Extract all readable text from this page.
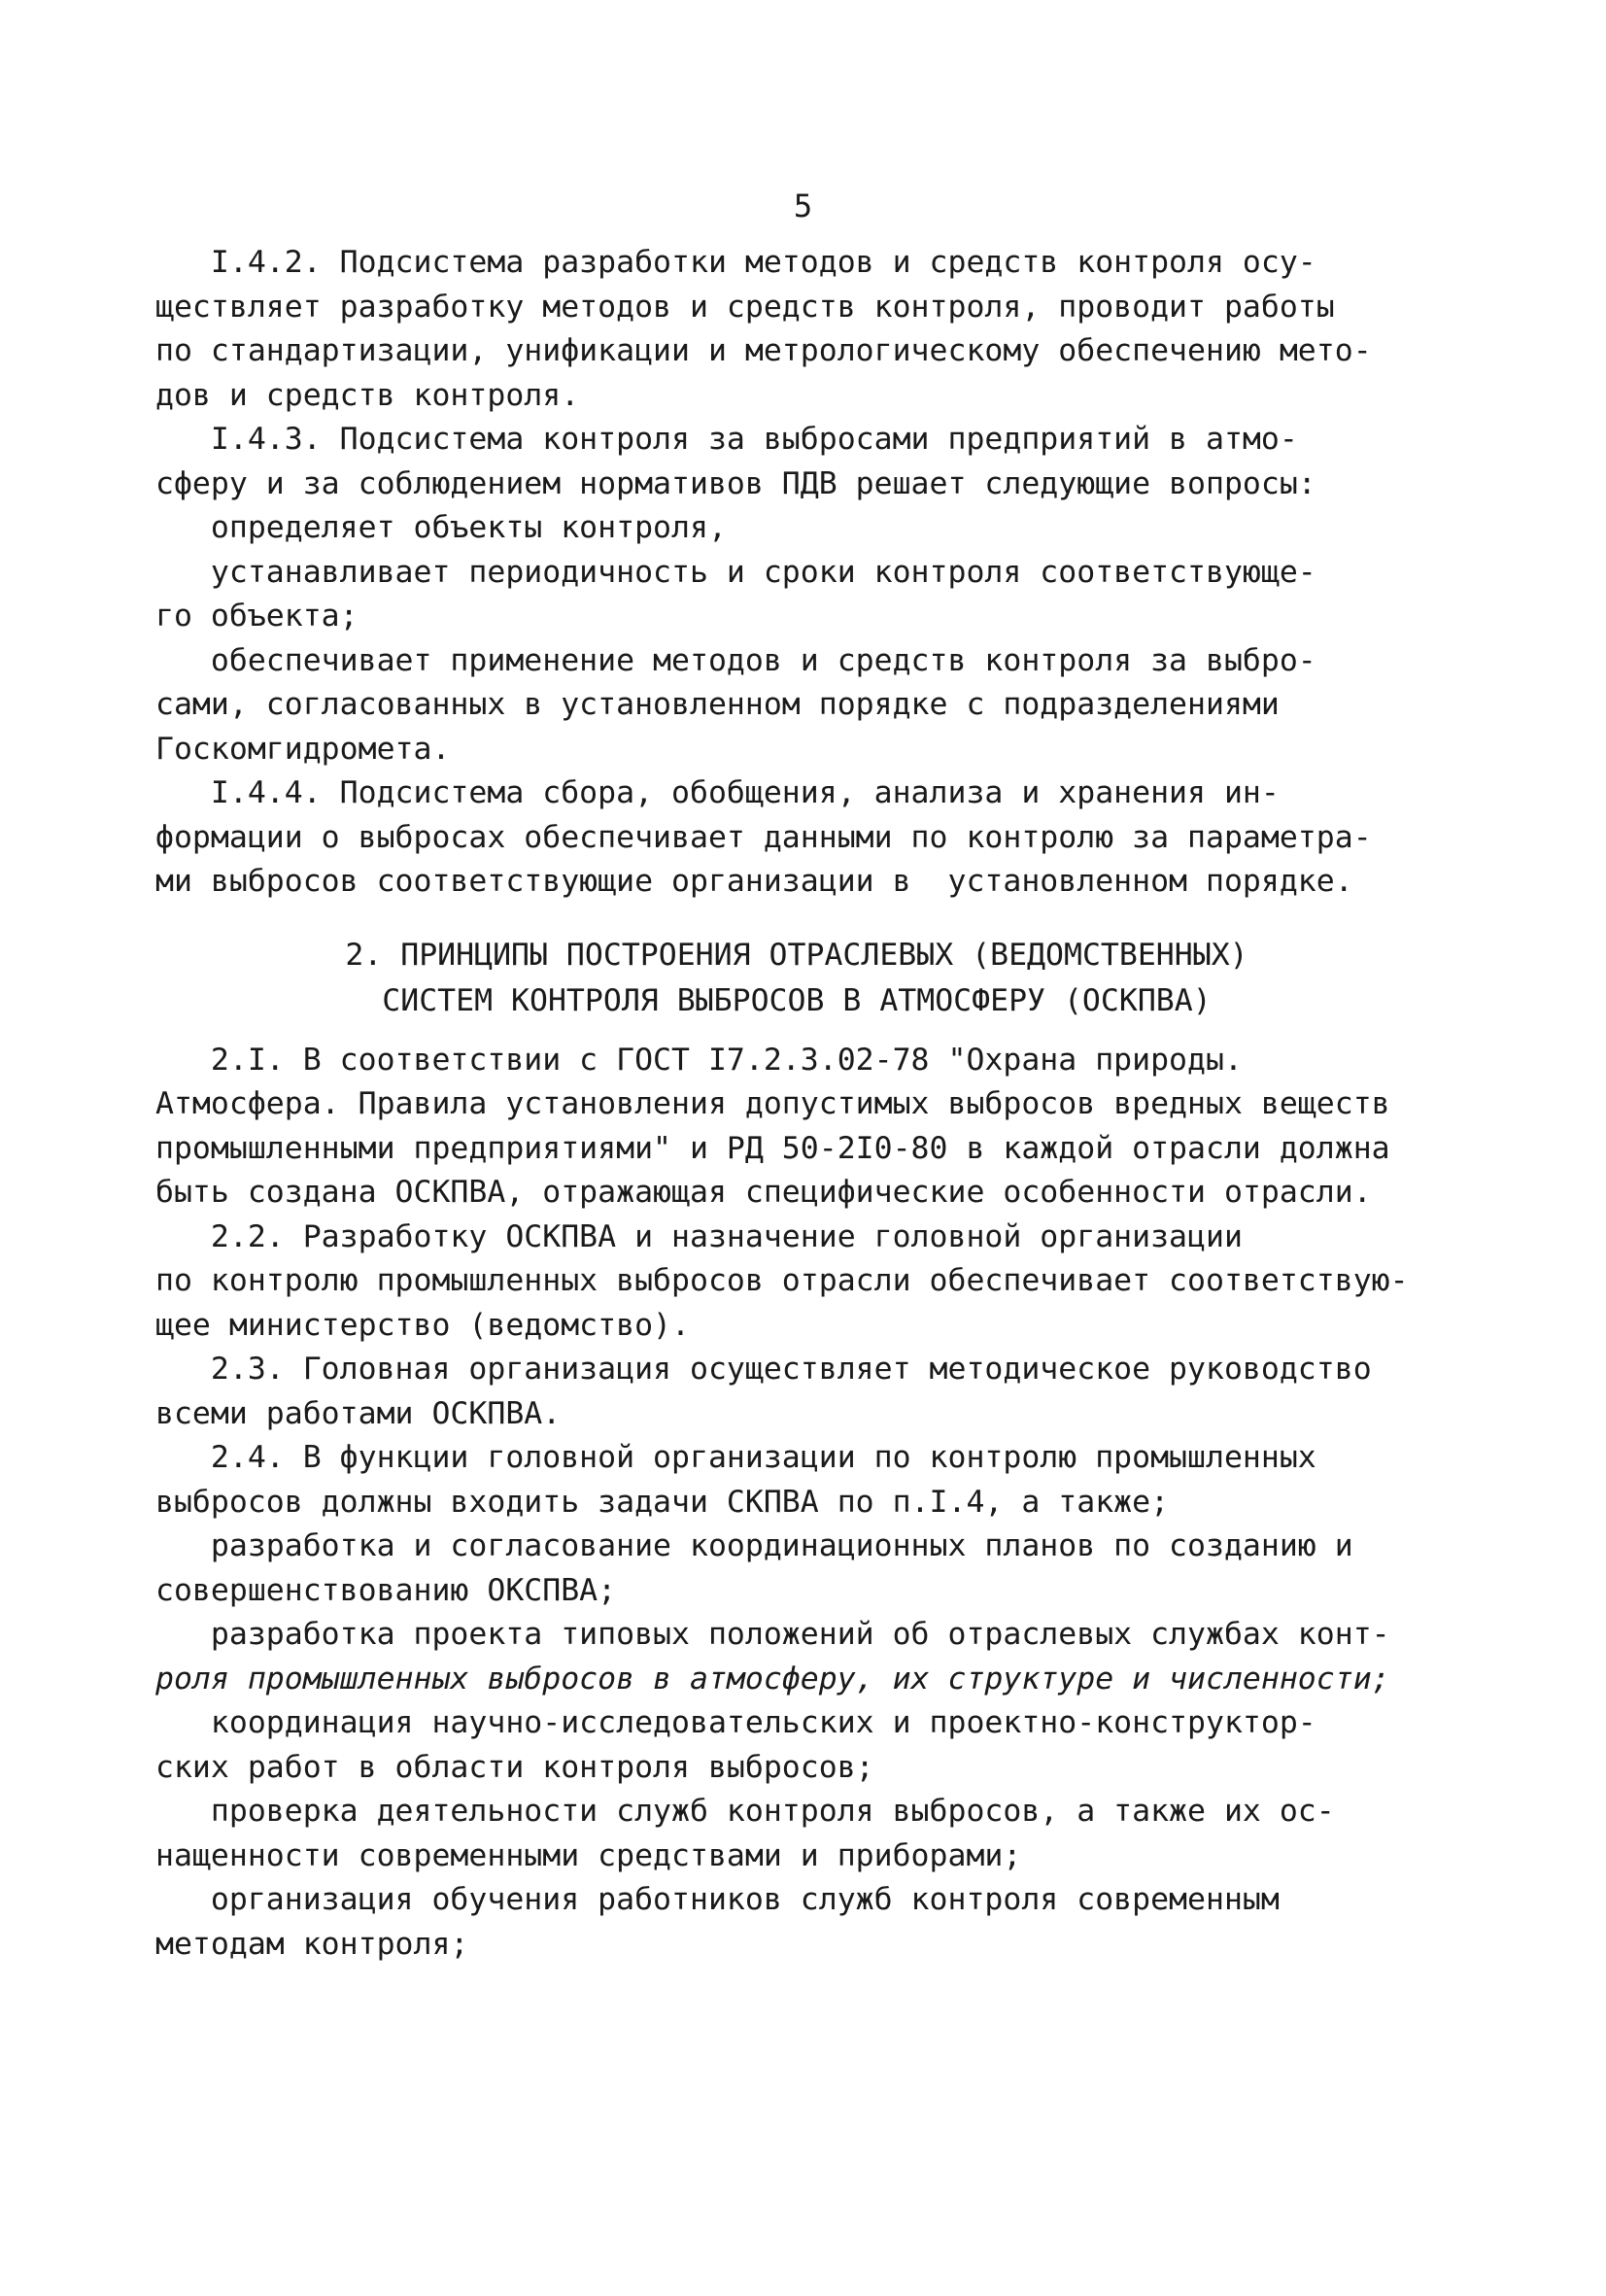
5
I.4.2. Подсистема разработки методов и средств контроля осу-
ществляет разработку методов и средств контроля, проводит работы
по стандартизации, унификации и метрологическому обеспечению мето-
дов и средств контроля.
I.4.3. Подсистема контроля за выбросами предприятий в атмо-
сферу и за соблюдением нормативов ПДВ решает следующие вопросы:
определяет объекты контроля,
устанавливает периодичность и сроки контроля соответствующе-
го объекта;
обеспечивает применение методов и средств контроля за выбро-
сами, согласованных в установленном порядке с подразделениями
Госкомгидромета.
I.4.4. Подсистема сбора, обобщения, анализа и хранения ин-
формации о выбросах обеспечивает данными по контролю за параметра-
ми выбросов соответствующие организации в  установленном порядке.
2. ПРИНЦИПЫ ПОСТРОЕНИЯ ОТРАСЛЕВЫХ (ВЕДОМСТВЕННЫХ)
СИСТЕМ КОНТРОЛЯ ВЫБРОСОВ В АТМОСФЕРУ (ОСКПВА)
2.I. В соответствии с ГОСТ I7.2.3.02-78 "Охрана природы.
Атмосфера. Правила установления допустимых выбросов вредных веществ
промышленными предприятиями" и РД 50-2I0-80 в каждой отрасли должна
быть создана ОСКПВА, отражающая специфические особенности отрасли.
2.2. Разработку ОСКПВА и назначение головной организации
по контролю промышленных выбросов отрасли обеспечивает соответствую-
щее министерство (ведомство).
2.3. Головная организация осуществляет методическое руководство
всеми работами ОСКПВА.
2.4. В функции головной организации по контролю промышленных
выбросов должны входить задачи СКПВА по п.I.4, а также;
разработка и согласование координационных планов по созданию и
совершенствованию ОКСПВА;
разработка проекта типовых положений об отраслевых службах конт-
роля промышленных выбросов в атмосферу, их структуре и численности;
координация научно-исследовательских и проектно-конструктор-
ских работ в области контроля выбросов;
проверка деятельности служб контроля выбросов, а также их ос-
нащенности современными средствами и приборами;
организация обучения работников служб контроля современным
методам контроля;
